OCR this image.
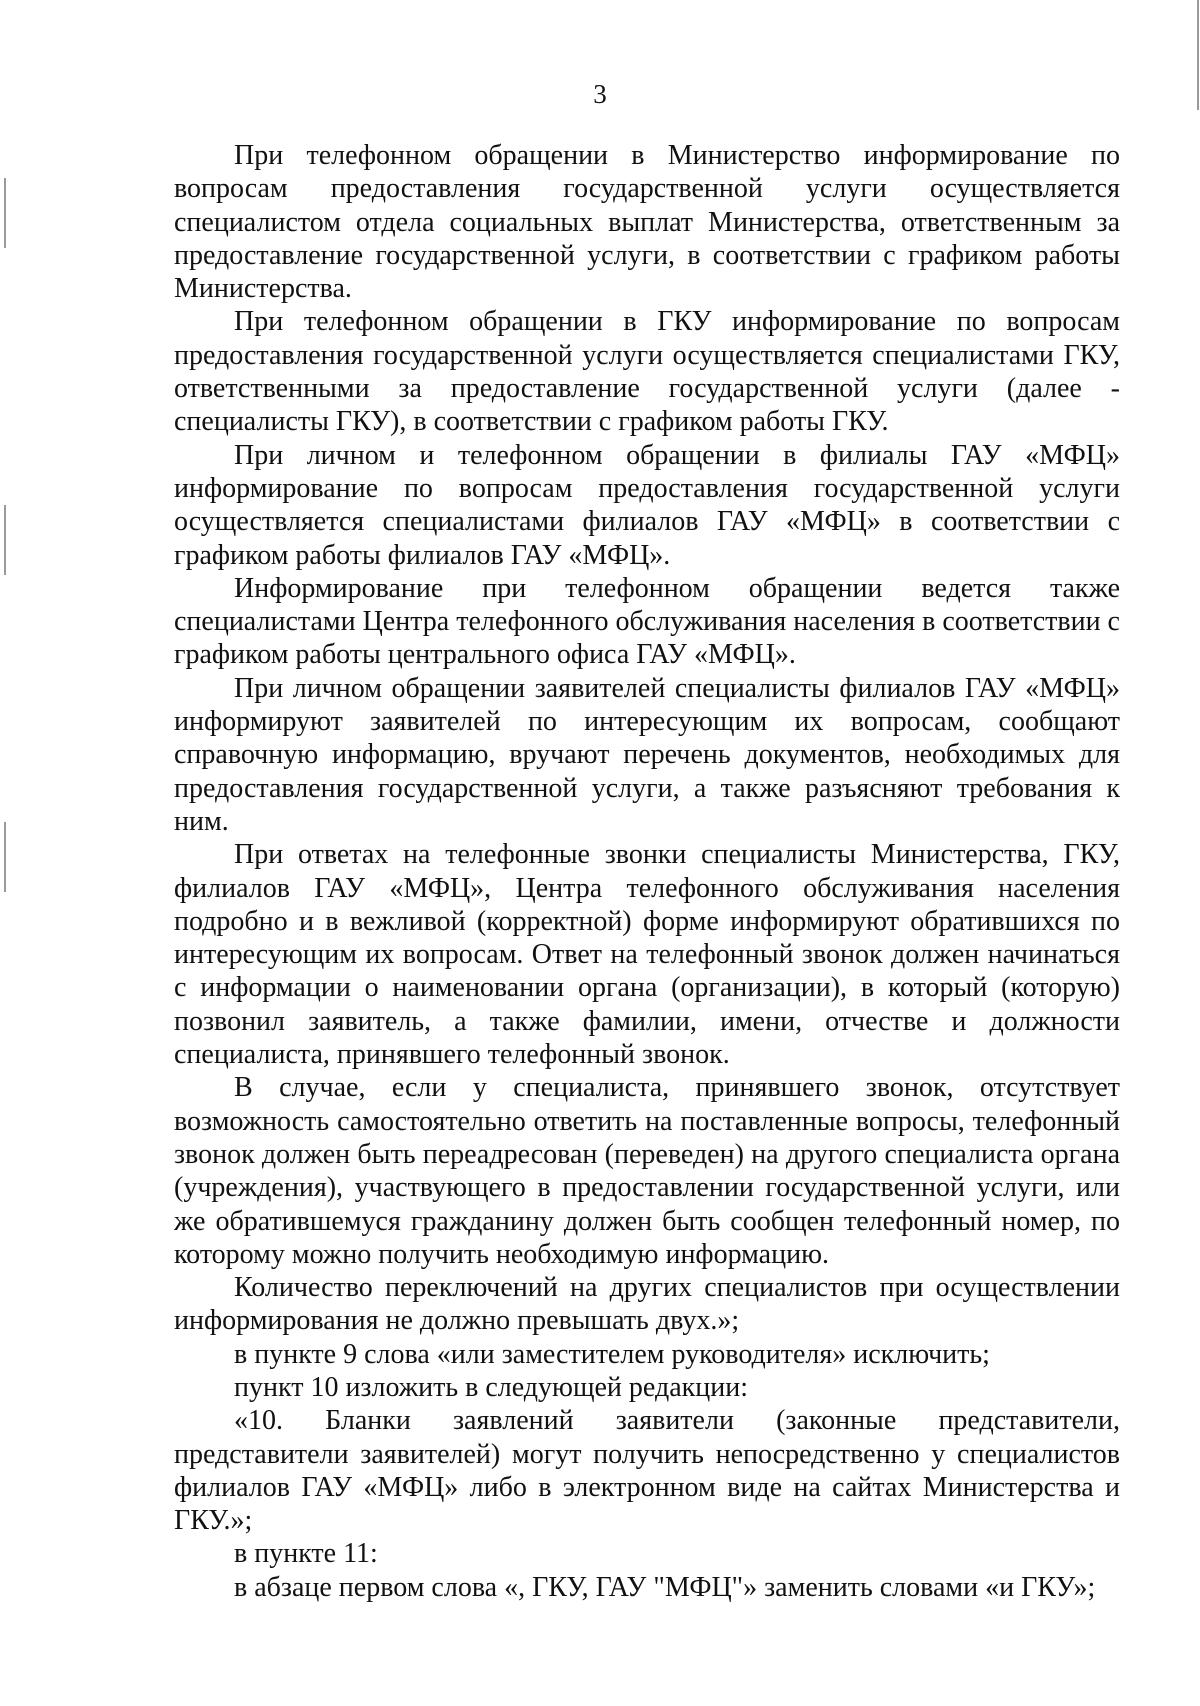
3

При телефонном обращении в Министерство информирование по вопросам предоставления государственной услуги осуществляется специалистом отдела социальных выплат Министерства, ответственным за предоставление государственной услуги, в соответствии с графиком работы Министерства.

При телефонном обращении в ГКУ информирование по вопросам предоставления государственной услуги осуществляется специалистами ГКУ, ответственными за предоставление государственной услуги (далее - специалисты ГКУ), в соответствии с графиком работы ГКУ.

При личном и телефонном обращении в филиалы ГАУ «МФЦ» информирование по вопросам предоставления государственной услуги осуществляется специалистами филиалов ГАУ «МФЦ» в соответствии с графиком работы филиалов ГАУ «МФЦ».

Информирование при телефонном обращении ведется также специалистами Центра телефонного обслуживания населения в соответствии с графиком работы центрального офиса ГАУ «МФЦ».

При личном обращении заявителей специалисты филиалов ГАУ «МФЦ» информируют заявителей по интересующим их вопросам, сообщают справочную информацию, вручают перечень документов, необходимых для предоставления государственной услуги, а также разъясняют требования к ним.

При ответах на телефонные звонки специалисты Министерства, ГКУ, филиалов ГАУ «МФЦ», Центра телефонного обслуживания населения подробно и в вежливой (корректной) форме информируют обратившихся по интересующим их вопросам. Ответ на телефонный звонок должен начинаться с информации о наименовании органа (организации), в который (которую) позвонил заявитель, а также фамилии, имени, отчестве и должности специалиста, принявшего телефонный звонок.

В случае, если у специалиста, принявшего звонок, отсутствует возможность самостоятельно ответить на поставленные вопросы, телефонный звонок должен быть переадресован (переведен) на другого специалиста органа (учреждения), участвующего в предоставлении государственной услуги, или же обратившемуся гражданину должен быть сообщен телефонный номер, по которому можно получить необходимую информацию.

Количество переключений на других специалистов при осуществлении информирования не должно превышать двух.»;

в пункте 9 слова «или заместителем руководителя» исключить;

пункт 10 изложить в следующей редакции:

«10. Бланки заявлений заявители (законные представители, представители заявителей) могут получить непосредственно у специалистов филиалов ГАУ «МФЦ» либо в электронном виде на сайтах Министерства и ГКУ.»;

в пункте 11:

в абзаце первом слова «, ГКУ, ГАУ "МФЦ"» заменить словами «и ГКУ»;
